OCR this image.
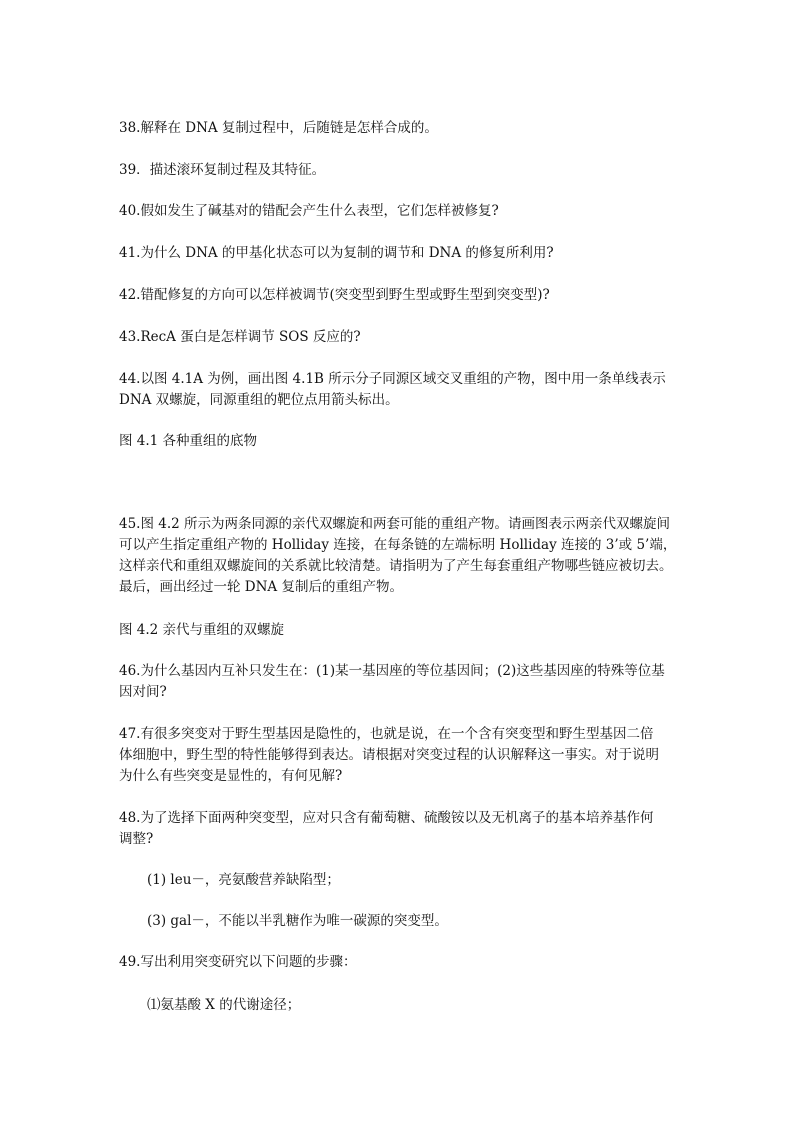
38.解释在 DNA 复制过程中，后随链是怎样合成的。

39．描述滚环复制过程及其特征。

40.假如发生了碱基对的错配会产生什么表型，它们怎样被修复?

41.为什么 DNA 的甲基化状态可以为复制的调节和 DNA 的修复所利用?

42.错配修复的方向可以怎样被调节(突变型到野生型或野生型到突变型)?

43.RecA 蛋白是怎样调节 SOS 反应的?

44.以图 4.1A 为例，画出图 4.1B 所示分子同源区域交叉重组的产物，图中用一条单线表示
DNA 双螺旋，同源重组的靶位点用箭头标出。

图 4.1 各种重组的底物

45.图 4.2 所示为两条同源的亲代双螺旋和两套可能的重组产物。请画图表示两亲代双螺旋间
可以产生指定重组产物的 Holliday 连接，在每条链的左端标明 Holliday 连接的 3’或 5’端，
这样亲代和重组双螺旋间的关系就比较清楚。请指明为了产生每套重组产物哪些链应被切去。
最后，画出经过一轮 DNA 复制后的重组产物。

图 4.2 亲代与重组的双螺旋

46.为什么基因内互补只发生在：(1)某一基因座的等位基因间；(2)这些基因座的特殊等位基
因对间?

47.有很多突变对于野生型基因是隐性的，也就是说，在一个含有突变型和野生型基因二倍
体细胞中，野生型的特性能够得到表达。请根据对突变过程的认识解释这一事实。对于说明
为什么有些突变是显性的，有何见解?

48.为了选择下面两种突变型，应对只含有葡萄糖、硫酸铵以及无机离子的基本培养基作何
调整?

(1) leu－，亮氨酸营养缺陷型；

(3) gal－，不能以半乳糖作为唯一碳源的突变型。

49.写出利用突变研究以下问题的步骤：

⑴氨基酸 X 的代谢途径；
